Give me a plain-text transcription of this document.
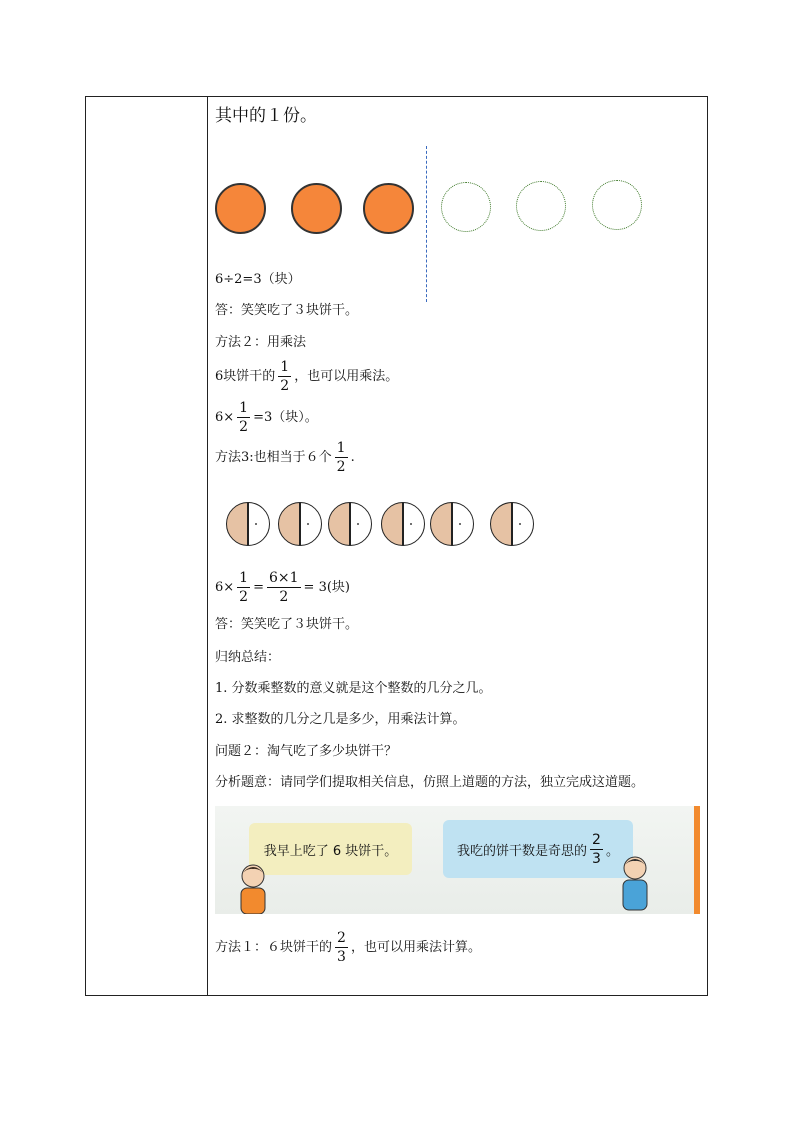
其中的１份。
6÷2=3（块）
答：笑笑吃了３块饼干。
方法２：用乘法
6块饼干的 $\frac{1}{2}$ ，也可以用乘法。
$6\times \frac{1}{2} =3$（块）。
方法3:也相当于６个 $\frac{1}{2}$ .
$6\times \frac{1}{2} = \frac{6\times 1}{2} = 3$(块)
答：笑笑吃了３块饼干。
归纳总结：
1. 分数乘整数的意义就是这个整数的几分之几。
2. 求整数的几分之几是多少，用乘法计算。
问题２：淘气吃了多少块饼干？
分析题意：请同学们提取相关信息，仿照上道题的方法，独立完成这道题。
我早上吃了 6 块饼干。	我吃的饼干数是奇思的 $\frac{2}{3}$ 。
方法１：６块饼干的 $\frac{2}{3}$ ，也可以用乘法计算。
